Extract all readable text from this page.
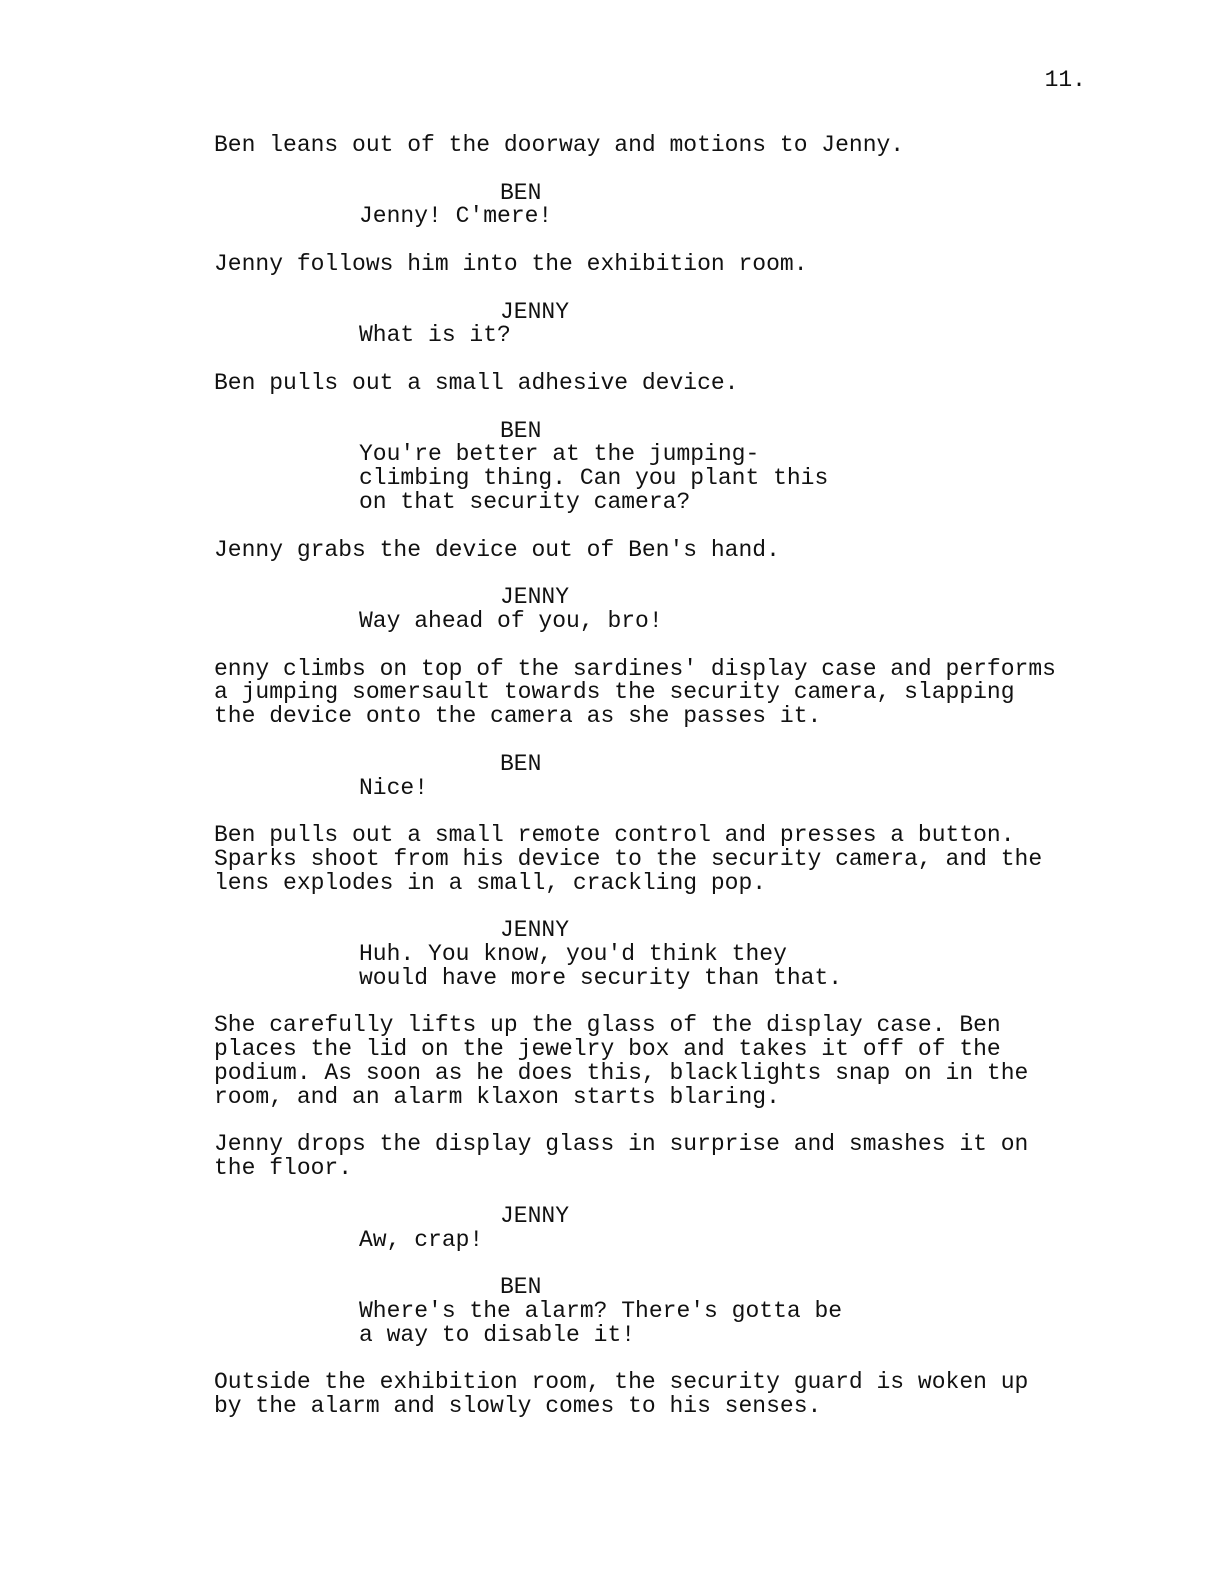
11.
Ben leans out of the doorway and motions to Jenny.
BEN
Jenny! C'mere!
Jenny follows him into the exhibition room.
JENNY
What is it?
Ben pulls out a small adhesive device.
BEN
You're better at the jumping-
climbing thing. Can you plant this
on that security camera?
Jenny grabs the device out of Ben's hand.
JENNY
Way ahead of you, bro!
enny climbs on top of the sardines' display case and performs
a jumping somersault towards the security camera, slapping
the device onto the camera as she passes it.
BEN
Nice!
Ben pulls out a small remote control and presses a button.
Sparks shoot from his device to the security camera, and the
lens explodes in a small, crackling pop.
JENNY
Huh. You know, you'd think they
would have more security than that.
She carefully lifts up the glass of the display case. Ben
places the lid on the jewelry box and takes it off of the
podium. As soon as he does this, blacklights snap on in the
room, and an alarm klaxon starts blaring.
Jenny drops the display glass in surprise and smashes it on
the floor.
JENNY
Aw, crap!
BEN
Where's the alarm? There's gotta be
a way to disable it!
Outside the exhibition room, the security guard is woken up
by the alarm and slowly comes to his senses.
